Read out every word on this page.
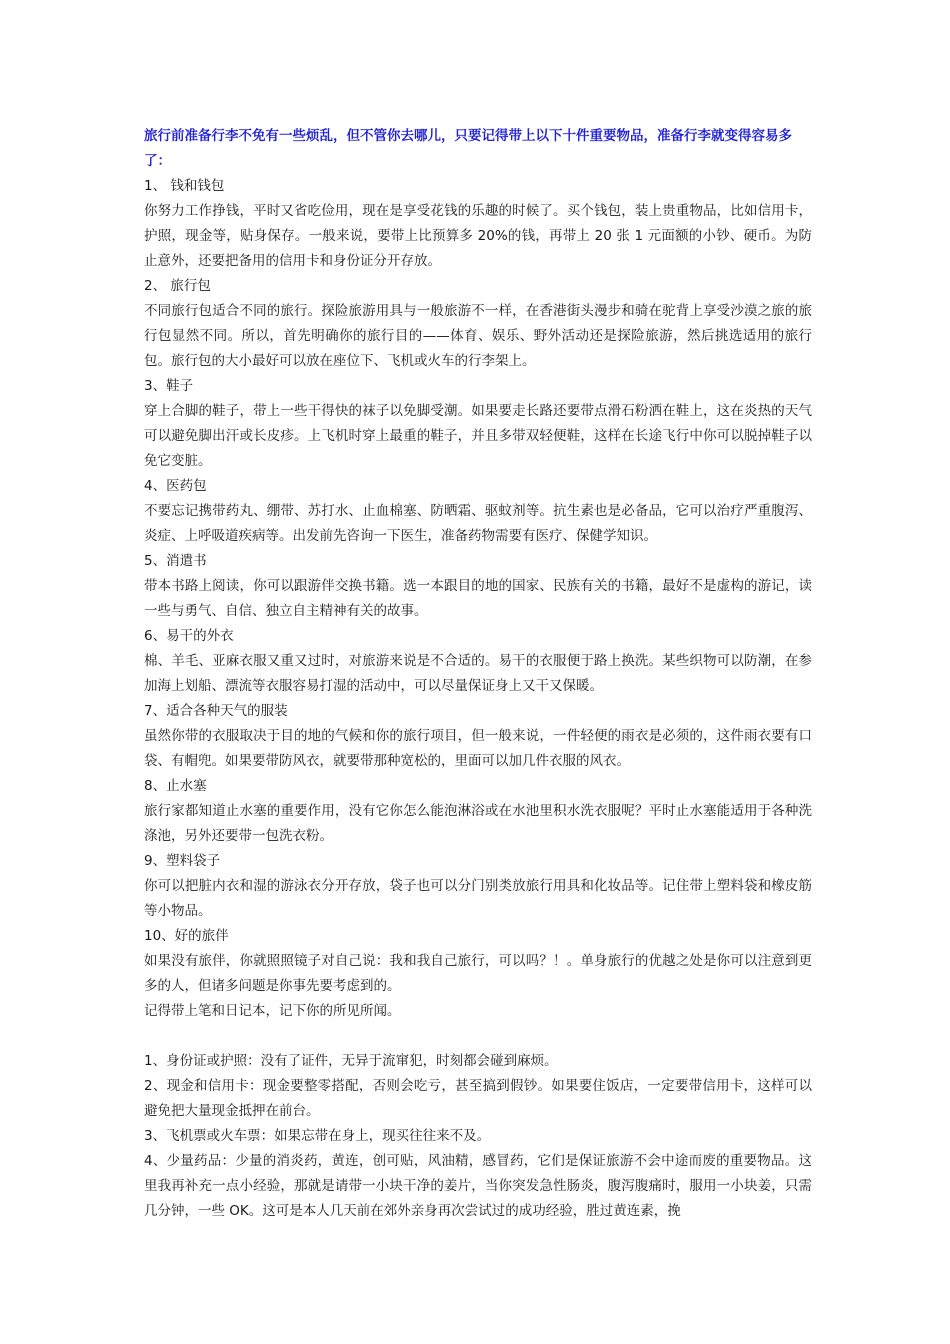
旅行前准备行李不免有一些烦乱，但不管你去哪儿，只要记得带上以下十件重要物品，准备行李就变得容易多了：

1、 钱和钱包

你努力工作挣钱，平时又省吃俭用，现在是享受花钱的乐趣的时候了。买个钱包，装上贵重物品，比如信用卡，护照，现金等，贴身保存。一般来说，要带上比预算多 20%的钱，再带上 20 张 1 元面额的小钞、硬币。为防止意外，还要把备用的信用卡和身份证分开存放。

2、 旅行包

不同旅行包适合不同的旅行。探险旅游用具与一般旅游不一样，在香港街头漫步和骑在驼背上享受沙漠之旅的旅行包显然不同。所以，首先明确你的旅行目的——体育、娱乐、野外活动还是探险旅游，然后挑选适用的旅行包。旅行包的大小最好可以放在座位下、飞机或火车的行李架上。

3、鞋子

穿上合脚的鞋子，带上一些干得快的袜子以免脚受潮。如果要走长路还要带点滑石粉洒在鞋上，这在炎热的天气可以避免脚出汗或长皮疹。上飞机时穿上最重的鞋子，并且多带双轻便鞋，这样在长途飞行中你可以脱掉鞋子以免它变脏。

4、医药包

不要忘记携带药丸、绷带、苏打水、止血棉塞、防晒霜、驱蚊剂等。抗生素也是必备品，它可以治疗严重腹泻、炎症、上呼吸道疾病等。出发前先咨询一下医生，准备药物需要有医疗、保健学知识。

5、消遣书

带本书路上阅读，你可以跟游伴交换书籍。选一本跟目的地的国家、民族有关的书籍，最好不是虚构的游记，读一些与勇气、自信、独立自主精神有关的故事。

6、易干的外衣

棉、羊毛、亚麻衣服又重又过时，对旅游来说是不合适的。易干的衣服便于路上换洗。某些织物可以防潮，在参加海上划船、漂流等衣服容易打湿的活动中，可以尽量保证身上又干又保暖。

7、适合各种天气的服装

虽然你带的衣服取决于目的地的气候和你的旅行项目，但一般来说，一件轻便的雨衣是必须的，这件雨衣要有口袋、有帽兜。如果要带防风衣，就要带那种宽松的，里面可以加几件衣服的风衣。

8、止水塞

旅行家都知道止水塞的重要作用，没有它你怎么能泡淋浴或在水池里积水洗衣服呢？平时止水塞能适用于各种洗涤池，另外还要带一包洗衣粉。

9、塑料袋子

你可以把脏内衣和湿的游泳衣分开存放，袋子也可以分门别类放旅行用具和化妆品等。记住带上塑料袋和橡皮筋等小物品。

10、好的旅伴

如果没有旅伴，你就照照镜子对自己说：我和我自己旅行，可以吗？！。单身旅行的优越之处是你可以注意到更多的人，但诸多问题是你事先要考虑到的。

记得带上笔和日记本，记下你的所见所闻。

1、身份证或护照：没有了证件，无异于流窜犯，时刻都会碰到麻烦。

2、现金和信用卡：现金要整零搭配，否则会吃亏，甚至搞到假钞。如果要住饭店，一定要带信用卡，这样可以避免把大量现金抵押在前台。

3、飞机票或火车票：如果忘带在身上，现买往往来不及。

4、少量药品：少量的消炎药，黄连，创可贴，风油精，感冒药，它们是保证旅游不会中途而废的重要物品。这里我再补充一点小经验，那就是请带一小块干净的姜片，当你突发急性肠炎，腹泻腹痛时，服用一小块姜，只需几分钟，一些 OK。这可是本人几天前在郊外亲身再次尝试过的成功经验，胜过黄连素，挽
